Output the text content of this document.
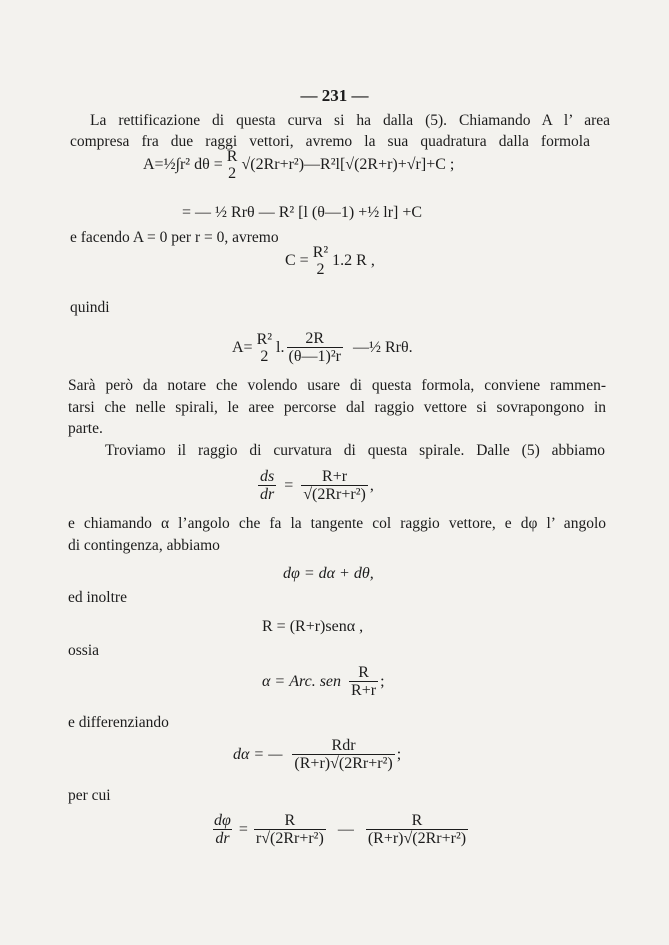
— 231 —
La rettificazione di questa curva si ha dalla (5). Chiamando A l’ area
compresa fra due raggi vettori, avremo la sua quadratura dalla formola
A=½∫r² dθ = R
2
√(2Rr+r²)—R²l[√(2R+r)+√r]+C ;
= — ½ Rrθ — R² [l (θ—1) +½ lr] +C
e facendo A = 0 per r = 0, avremo
C = R²
2
1.2 R ,
quindi
A= R²
2
l. $\frac{2R}{\text{(θ—1)²r}}$ —½ Rrθ.
Sarà però da notare che volendo usare di questa formola, conviene rammen-
tarsi che nelle spirali, le aree percorse dal raggio vettore si sovrapongono in
parte.
Troviamo il raggio di curvatura di questa spirale. Dalle (5) abbiamo
$\frac{ds}{dr} = \frac{R+r}{\text{√(2Rr+r²)}}$ ,
e chiamando α l’angolo che fa la tangente col raggio vettore, e dφ l’ angolo
di contingenza, abbiamo
dφ = dα + dθ,
ed inoltre
R = (R+r)senα ,
ossia
α = Arc. sen $\frac{R}{R+r}$ ;
e differenziando
dα = —	Rdr
(R+r)√(2Rr+r²)
;
per cui
$\frac{d\varphi}{dr} = \frac{R}{\text{r√(2Rr+r²)}}$ — $\frac{R}{\text{(R+r)√(2Rr+r²)}}$
